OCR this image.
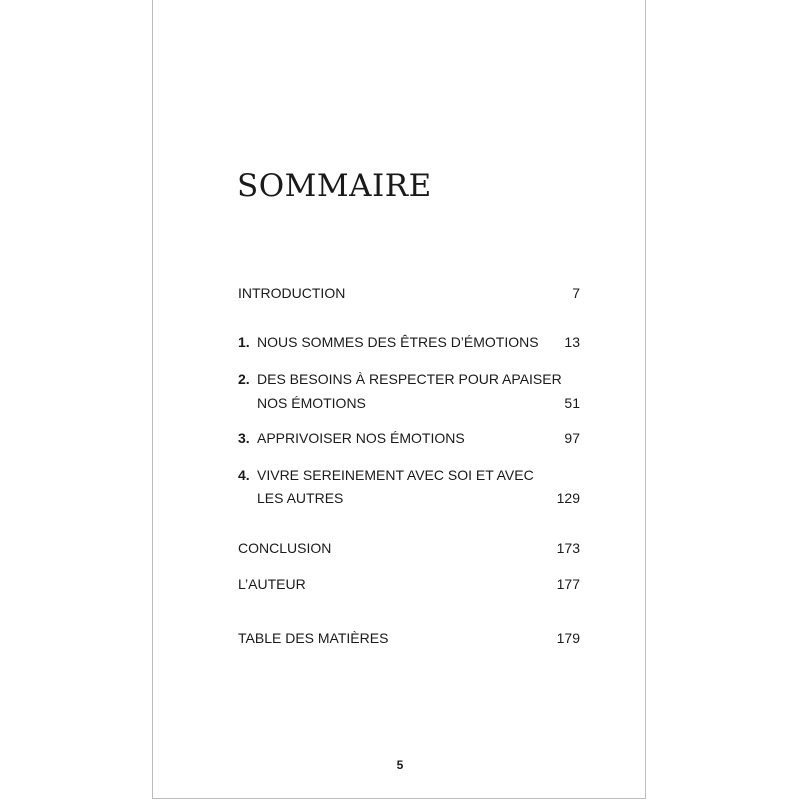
SOMMAIRE
INTRODUCTION	7
1. NOUS SOMMES DES ÊTRES D’ÉMOTIONS 13
2. DES BESOINS À RESPECTER POUR APAISER
NOS ÉMOTIONS	51
3. APPRIVOISER NOS ÉMOTIONS	97
4. VIVRE SEREINEMENT AVEC SOI ET AVEC
LES AUTRES	129
CONCLUSION	173
L’AUTEUR	177
TABLE DES MATIÈRES	179
5
